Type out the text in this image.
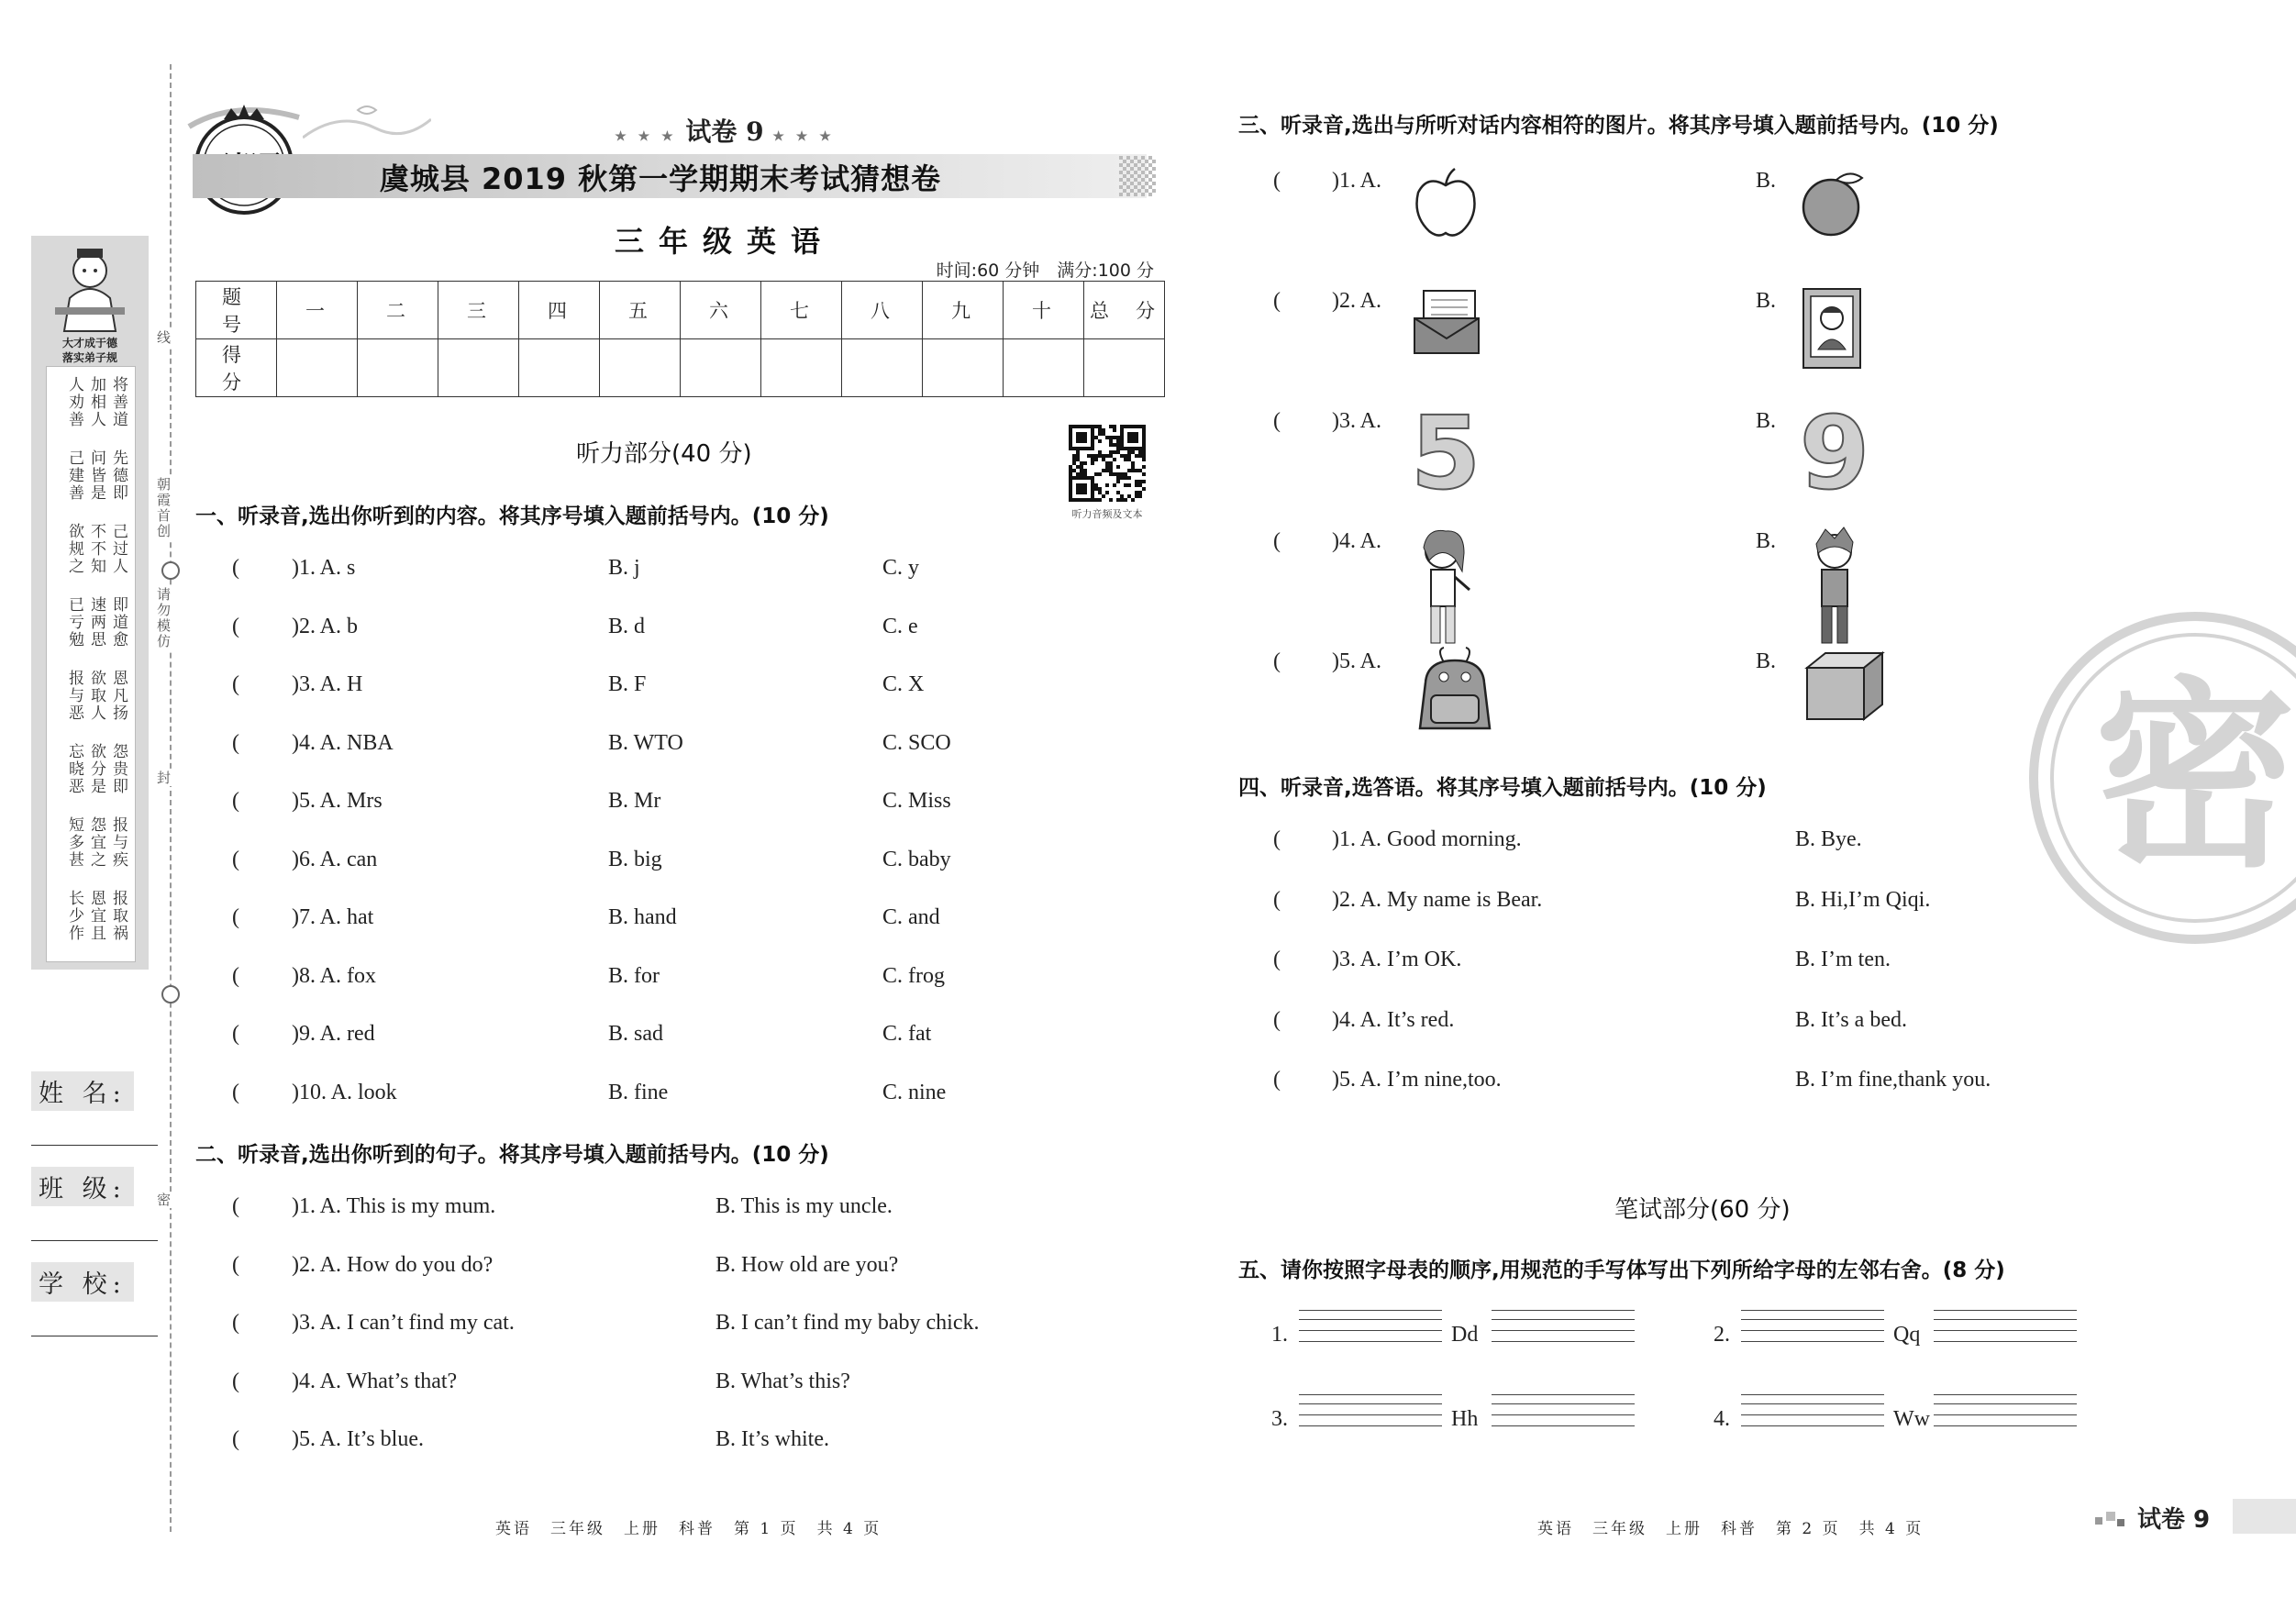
大才成于德
落实弟子规
将善道
加相人
人劝善
先德即
问皆是
己建善
己过人
不不知
欲规之
即道愈
速两思
已亏勉
恩凡扬
欲取人
报与恶
怨贵即
欲分是
忘晓恶
报与疾
怨宜之
短多甚
报取祸
恩宜且
长少作
线
朝霞首创
请勿模仿
封
密
姓 名:
班 级:
学 校:
★ ★ ★ 试卷 9 ★ ★ ★
虞城县 2019 秋第一学期期末考试猜想卷
三年级英语
时间:60 分钟　满分:100 分
题　号	一	二	三	四	五	六	七	八	九	十	总　分
得　分											
听力部分(40 分)
听力音频及文本
一、听录音,选出你听到的内容。将其序号填入题前括号内。(10 分)
( )1. A. s	B. j	C. y
( )2. A. b	B. d	C. e
( )3. A. H	B. F	C. X
( )4. A. NBA	B. WTO	C. SCO
( )5. A. Mrs	B. Mr	C. Miss
( )6. A. can	B. big	C. baby
( )7. A. hat	B. hand	C. and
( )8. A. fox	B. for	C. frog
( )9. A. red	B. sad	C. fat
( )10. A. look	B. fine	C. nine
二、听录音,选出你听到的句子。将其序号填入题前括号内。(10 分)
( )1. A. This is my mum.	B. This is my uncle.
( )2. A. How do you do?	B. How old are you?
( )3. A. I can’t find my cat.	B. I can’t find my baby chick.
( )4. A. What’s that?	B. What’s this?
( )5. A. It’s blue.	B. It’s white.
英语　三年级　上册　科普　第 1 页　共 4 页
三、听录音,选出与所听对话内容相符的图片。将其序号填入题前括号内。(10 分)
( )1. A.	B.
( )2. A.	B.
( )3. A.	B.
5	9
( )4. A.	B.
( )5. A.	B.
四、听录音,选答语。将其序号填入题前括号内。(10 分)
( )1. A. Good morning.	B. Bye.
( )2. A. My name is Bear.	B. Hi,I’m Qiqi.
( )3. A. I’m OK.	B. I’m ten.
( )4. A. It’s red.	B. It’s a bed.
( )5. A. I’m nine,too.	B. I’m fine,thank you.
笔试部分(60 分)
五、请你按照字母表的顺序,用规范的手写体写出下列所给字母的左邻右舍。(8 分)
1.	Dd	2.	Qq
3.	Hh	4.	Ww
英语　三年级　上册　科普　第 2 页　共 4 页	试卷 9
密
